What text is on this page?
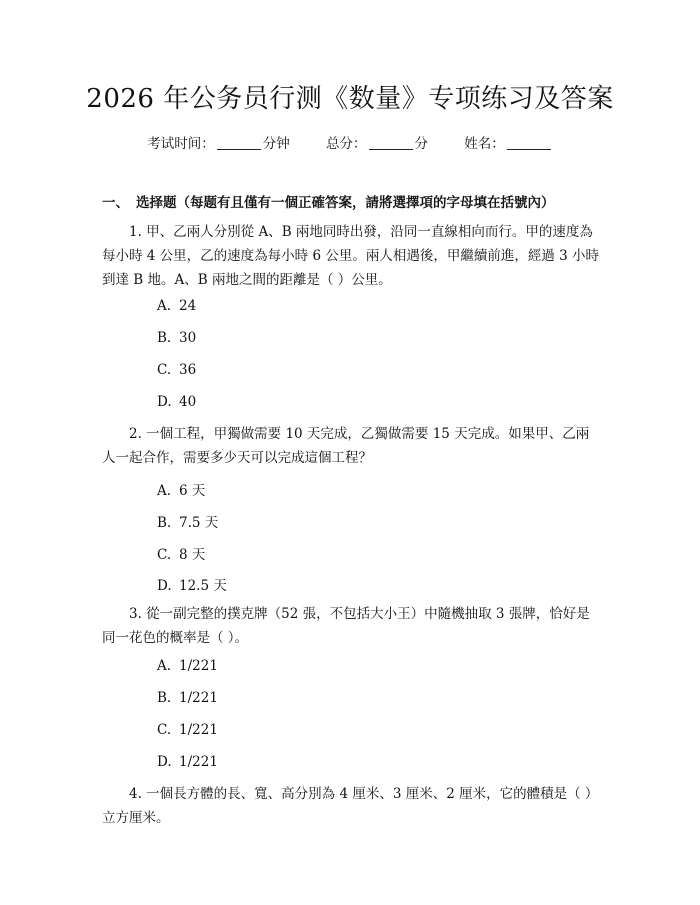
2026 年公务员行测《数量》专项练习及答案
考试时间：	分钟	总分：	分	姓名：
一、 选择题（每题有且僅有一個正確答案，請將選擇項的字母填在括號內）

1. 甲、乙兩人分別從 A、B 兩地同時出發，沿同一直線相向而行。甲的速度為每小時 4 公里，乙的速度為每小時 6 公里。兩人相遇後，甲繼續前進，經過 3 小時到達 B 地。A、B 兩地之間的距離是（ ）公里。

A. 24
B. 30
C. 36
D. 40

2. 一個工程，甲獨做需要 10 天完成，乙獨做需要 15 天完成。如果甲、乙兩人一起合作，需要多少天可以完成這個工程？

A. 6 天
B. 7.5 天
C. 8 天
D. 12.5 天

3. 從一副完整的撲克牌（52 張，不包括大小王）中隨機抽取 3 張牌，恰好是同一花色的概率是（ ）。

A. 1/221
B. 1/221
C. 1/221
D. 1/221

4. 一個長方體的長、寬、高分別為 4 厘米、3 厘米、2 厘米，它的體積是（ ）立方厘米。
